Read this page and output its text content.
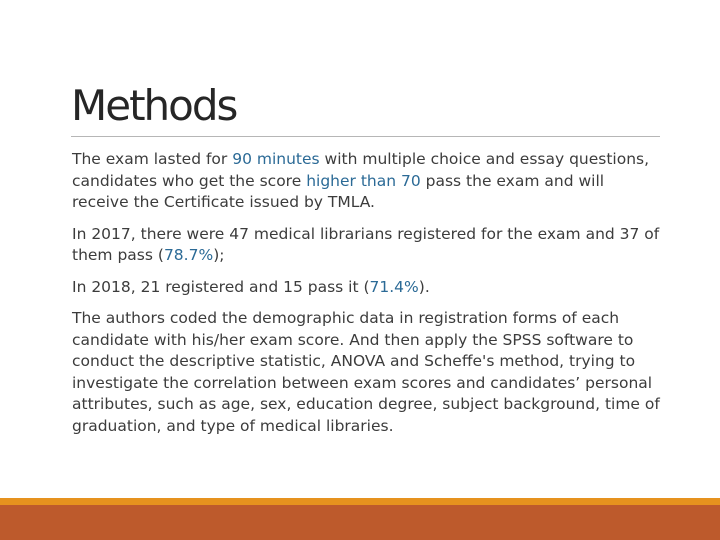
Methods

The exam lasted for 90 minutes with multiple choice and essay questions, candidates who get the score higher than 70 pass the exam and will receive the Certificate issued by TMLA.

In 2017, there were 47 medical librarians registered for the exam and 37 of them pass (78.7%);

In 2018, 21 registered and 15 pass it (71.4%).

The authors coded the demographic data in registration forms of each candidate with his/her exam score. And then apply the SPSS software to conduct the descriptive statistic, ANOVA and Scheffe's method, trying to investigate the correlation between exam scores and candidates’ personal attributes, such as age, sex, education degree, subject background, time of graduation, and type of medical libraries.
